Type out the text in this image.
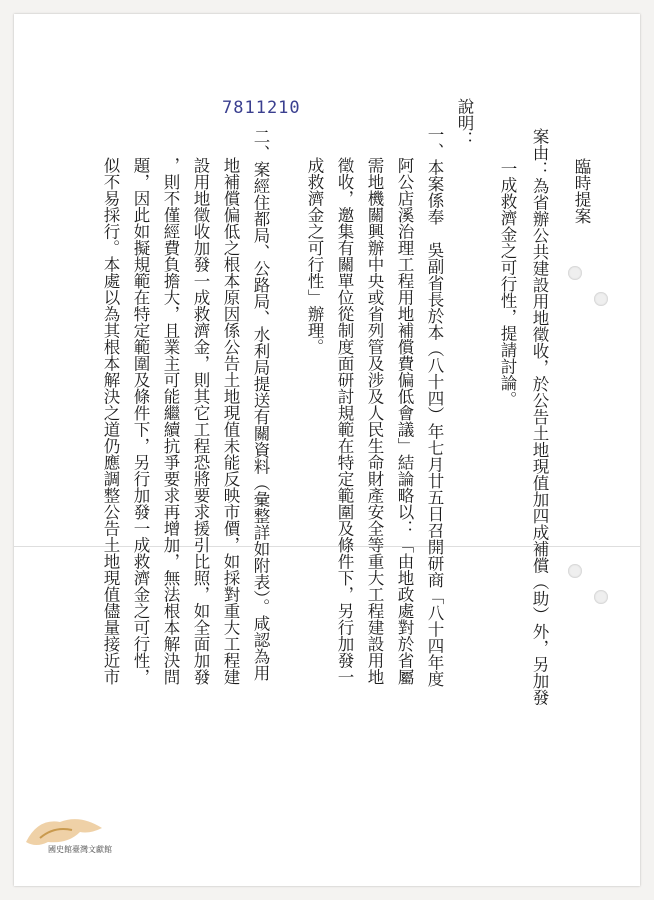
7811210
臨時提案
案由：為省辦公共建設用地徵收，於公告土地現值加四成補償（助）外，另加發
一成救濟金之可行性，提請討論。
說明：
一、本案係奉　吳副省長於本（八十四）年七月廿五日召開研商「八十四年度
阿公店溪治理工程用地補償費偏低會議」結論略以：「由地政處對於省屬
需地機關興辦中央或省列管及涉及人民生命財產安全等重大工程建設用地
徵收，邀集有關單位從制度面研討規範在特定範圍及條件下，另行加發一
成救濟金之可行性」辦理。
二、案經住都局、公路局、水利局提送有關資料（彙整詳如附表）。咸認為用
地補償偏低之根本原因係公告土地現值未能反映市價，如採對重大工程建
設用地徵收加發一成救濟金，則其它工程恐將要求援引比照，如全面加發
，則不僅經費負擔大，且業主可能繼續抗爭要求再增加，無法根本解決問
題，因此如擬規範在特定範圍及條件下，另行加發一成救濟金之可行性，
似不易採行。本處以為其根本解決之道仍應調整公告土地現值儘量接近市
國史館臺灣文獻館
